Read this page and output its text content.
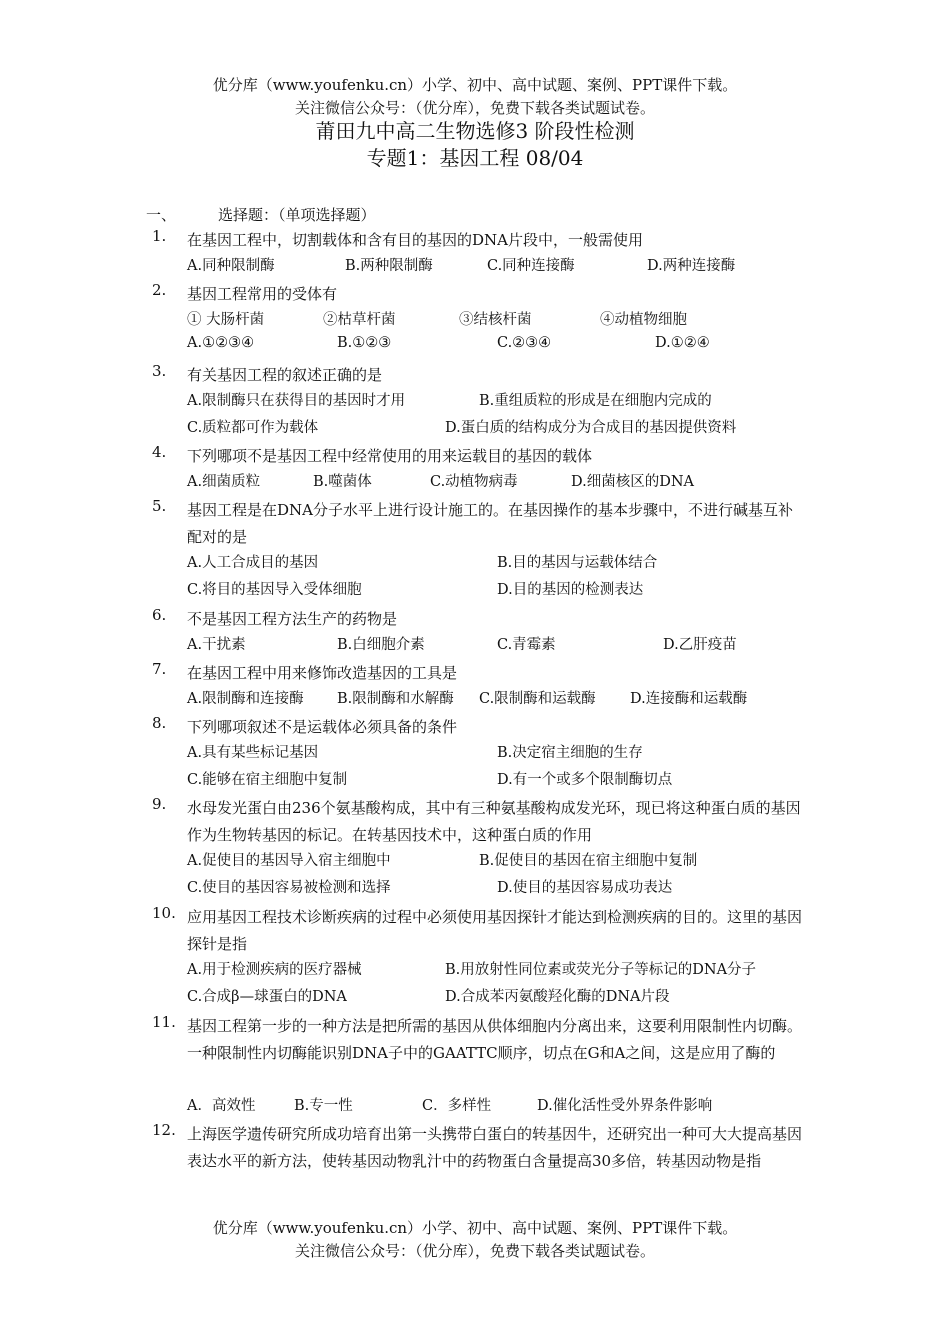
优分库（www.youfenku.cn）小学、初中、高中试题、案例、PPT课件下载。
关注微信公众号：（优分库），免费下载各类试题试卷。
莆田九中高二生物选修3 阶段性检测
专题1：基因工程 08/04
一、	选择题：（单项选择题）
1. 在基因工程中，切割载体和含有目的基因的DNA片段中，一般需使用
A.同种限制酶	B.两种限制酶	C.同种连接酶	D.两种连接酶
2. 基因工程常用的受体有
① 大肠杆菌	②枯草杆菌	③结核杆菌	④动植物细胞
A.①②③④	B.①②③	C.②③④	D.①②④
3. 有关基因工程的叙述正确的是
A.限制酶只在获得目的基因时才用	B.重组质粒的形成是在细胞内完成的
C.质粒都可作为载体	D.蛋白质的结构成分为合成目的基因提供资料
4. 下列哪项不是基因工程中经常使用的用来运载目的基因的载体
A.细菌质粒	B.噬菌体	C.动植物病毒	D.细菌核区的DNA
5. 基因工程是在DNA分子水平上进行设计施工的。在基因操作的基本步骤中，不进行碱基互补配对的是
A.人工合成目的基因	B.目的基因与运载体结合
C.将目的基因导入受体细胞	D.目的基因的检测表达
6. 不是基因工程方法生产的药物是
A.干扰素	B.白细胞介素	C.青霉素	D.乙肝疫苗
7. 在基因工程中用来修饰改造基因的工具是
A.限制酶和连接酶 B.限制酶和水解酶 C.限制酶和运载酶 D.连接酶和运载酶
8. 下列哪项叙述不是运载体必须具备的条件
A.具有某些标记基因	B.决定宿主细胞的生存
C.能够在宿主细胞中复制	D.有一个或多个限制酶切点
9. 水母发光蛋白由236个氨基酸构成，其中有三种氨基酸构成发光环，现已将这种蛋白质的基因作为生物转基因的标记。在转基因技术中，这种蛋白质的作用
A.促使目的基因导入宿主细胞中	B.促使目的基因在宿主细胞中复制
C.使目的基因容易被检测和选择	D.使目的基因容易成功表达
10. 应用基因工程技术诊断疾病的过程中必须使用基因探针才能达到检测疾病的目的。这里的基因探针是指
A.用于检测疾病的医疗器械	B.用放射性同位素或荧光分子等标记的DNA分子
C.合成β—球蛋白的DNA	D.合成苯丙氨酸羟化酶的DNA片段
11. 基因工程第一步的一种方法是把所需的基因从供体细胞内分离出来，这要利用限制性内切酶。一种限制性内切酶能识别DNA子中的GAATTC顺序，切点在G和A之间，这是应用了酶的
A．高效性	B.专一性	C．多样性	D.催化活性受外界条件影响
12. 上海医学遗传研究所成功培育出第一头携带白蛋白的转基因牛，还研究出一种可大大提高基因表达水平的新方法，使转基因动物乳汁中的药物蛋白含量提高30多倍，转基因动物是指
优分库（www.youfenku.cn）小学、初中、高中试题、案例、PPT课件下载。
关注微信公众号：（优分库），免费下载各类试题试卷。
